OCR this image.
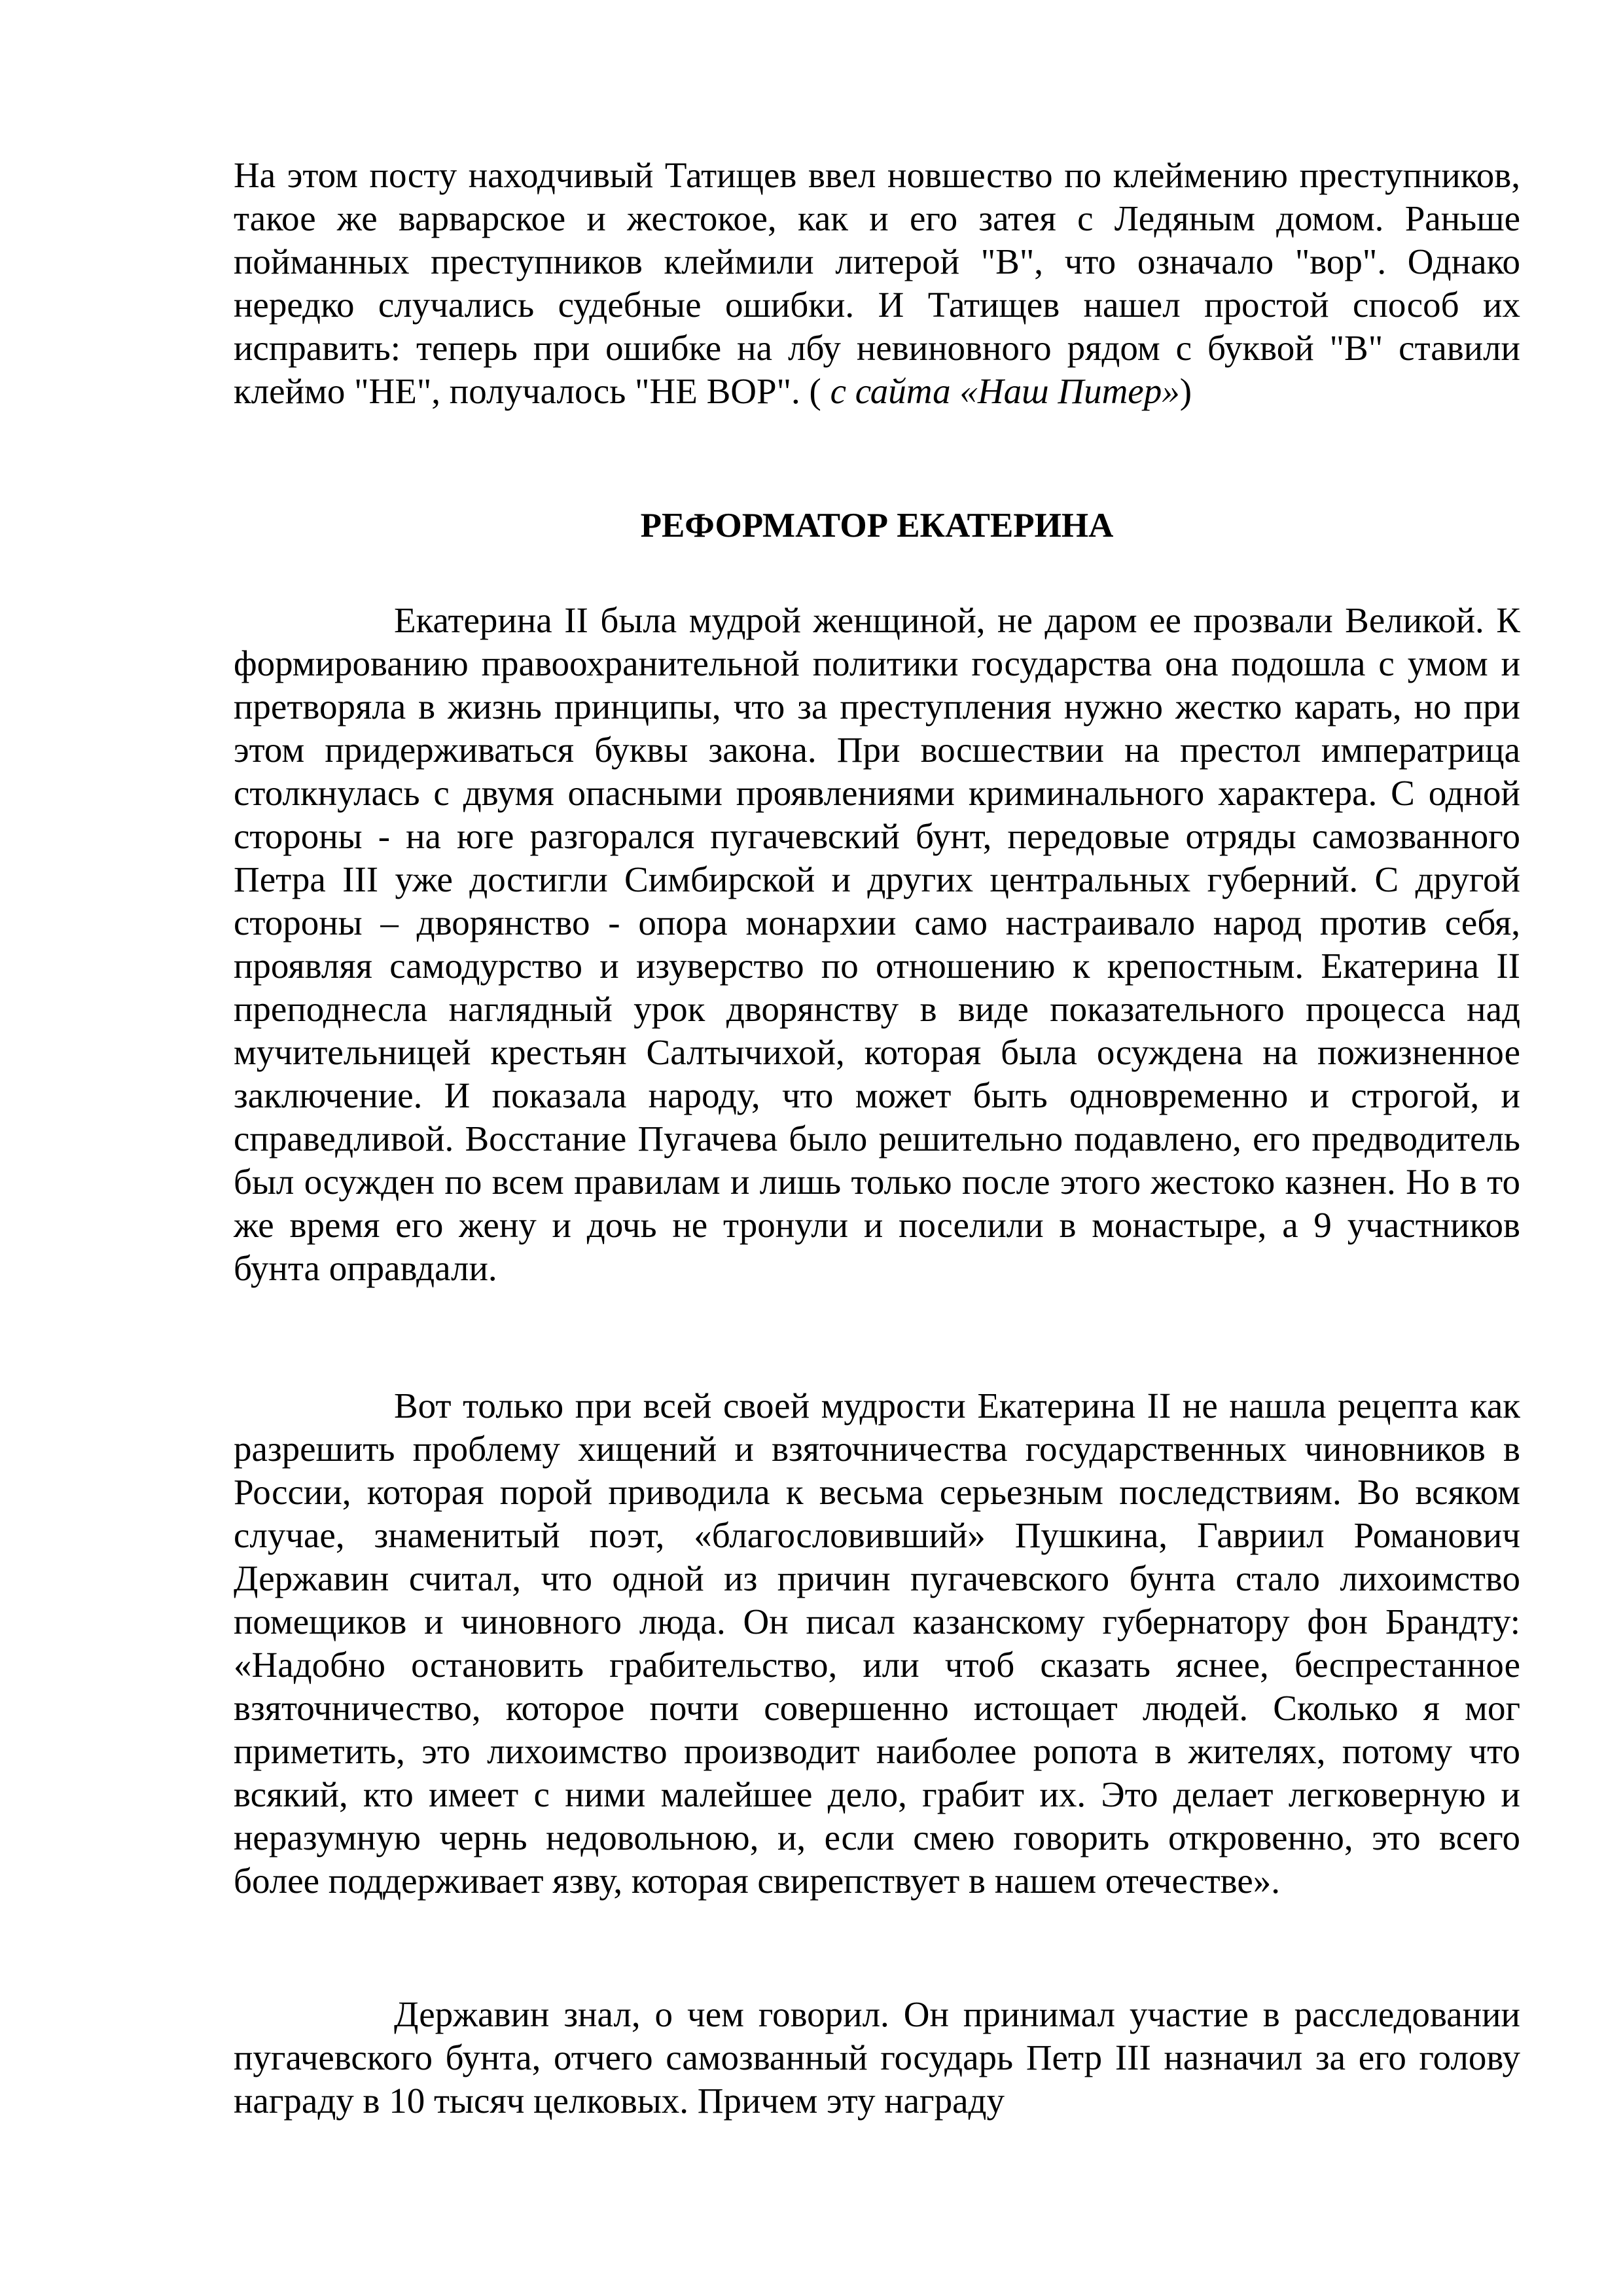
На этом посту находчивый Татищев ввел новшество по клеймению преступников, такое же варварское и жестокое, как и его затея с Ледяным домом. Раньше пойманных преступников клеймили литерой "В", что означало "вор". Однако нередко случались судебные ошибки. И Татищев нашел простой способ их исправить: теперь при ошибке на лбу невиновного рядом с буквой "В" ставили клеймо "НЕ", получалось "НЕ ВОР". ( с сайта «Наш Питер»)

РЕФОРМАТОР ЕКАТЕРИНА

Екатерина II была мудрой женщиной, не даром ее прозвали Великой. К формированию правоохранительной политики государства она подошла с умом и претворяла в жизнь принципы, что за преступления нужно жестко карать, но при этом придерживаться буквы закона. При восшествии на престол императрица столкнулась с двумя опасными проявлениями криминального характера. С одной стороны - на юге разгорался пугачевский бунт, передовые отряды самозванного Петра III уже достигли Симбирской и других центральных губерний. С другой стороны – дворянство - опора монархии само настраивало народ против себя, проявляя самодурство и изуверство по отношению к крепостным. Екатерина II преподнесла наглядный урок дворянству в виде показательного процесса над мучительницей крестьян Салтычихой, которая была осуждена на пожизненное заключение. И показала народу, что может быть одновременно и строгой, и справедливой. Восстание Пугачева было решительно подавлено, его предводитель был осужден по всем правилам и лишь только после этого жестоко казнен. Но в то же время его жену и дочь не тронули и поселили в монастыре, а 9 участников бунта оправдали.

Вот только при всей своей мудрости Екатерина II не нашла рецепта как разрешить проблему хищений и взяточничества государственных чиновников в России, которая порой приводила к весьма серьезным последствиям. Во всяком случае, знаменитый поэт, «благословивший» Пушкина, Гавриил Романович Державин считал, что одной из причин пугачевского бунта стало лихоимство помещиков и чиновного люда. Он писал казанскому губернатору фон Брандту: «Надобно остановить грабительство, или чтоб сказать яснее, беспрестанное взяточничество, которое почти совершенно истощает людей. Сколько я мог приметить, это лихоимство производит наиболее ропота в жителях, потому что всякий, кто имеет с ними малейшее дело, грабит их. Это делает легковерную и неразумную чернь недовольною, и, если смею говорить откровенно, это всего более поддерживает язву, которая свирепствует в нашем отечестве».

Державин знал, о чем говорил. Он принимал участие в расследовании пугачевского бунта, отчего самозванный государь Петр III назначил за его голову награду в 10 тысяч целковых. Причем эту награду
